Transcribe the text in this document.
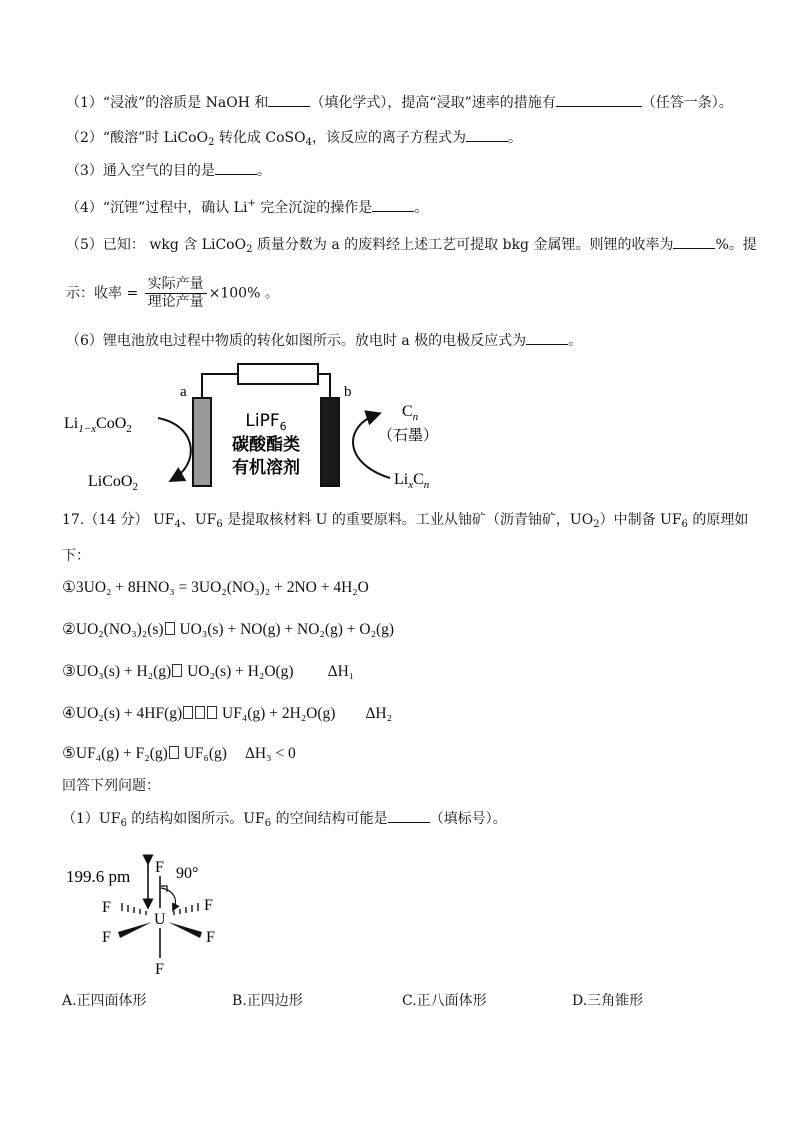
（1）“浸液”的溶质是 NaOH 和	（填化学式），提高“浸取”速率的措施有	（任答一条）。
（2）“酸溶”时 LiCoO$_2$ 转化成 CoSO$_4$，该反应的离子方程式为	。
（3）通入空气的目的是	。
（4）“沉锂”过程中，确认 Li+ 完全沉淀的操作是	。
（5）已知： wkg 含 LiCoO$_2$ 质量分数为 a 的废料经上述工艺可提取 bkg 金属锂。则锂的收率为	%。提
示：收率 = $\frac{\text{实际产量}}{\text{理论产量}} \times 100\%$ 。
（6）锂电池放电过程中物质的转化如图所示。放电时 a 极的电极反应式为	。
a	b
LiPF$_6$
碳酸酯类
有机溶剂
$Li_{1-x}CoO_2$
LiCoO$_2$
$C_n$
（石墨）
$Li_xC_n$
17.（14 分） $UF_4$、$UF_6$ 是提取核材料 U 的重要原料。工业从铀矿（沥青铀矿，$UO_2$）中制备 $UF_6$ 的原理如
下：
①3UO₂ + 8HNO₃ = 3UO₂(NO₃)₂ + 2NO + 4H₂O
②UO₂(NO₃)₂(s) UO₃(s) + NO(g) + NO₂(g) + O₂(g)
③UO₃(s) + H₂(g) UO₂(s) + H₂O(g) ΔH₁
④UO₂(s) + 4HF(g) UF₄(g) + 2H₂O(g) ΔH₂
⑤UF₄(g) + F₂(g) UF₆(g) ΔH₃ < 0
回答下列问题：
$(1)UF_6$ 的结构如图所示。$UF_6$ 的空间结构可能是	（填标号）。
199.6 pm	90°
F
U
F
F	F
F	F
A.正四面体形	B.正四边形	C.正八面体形	D.三角锥形
